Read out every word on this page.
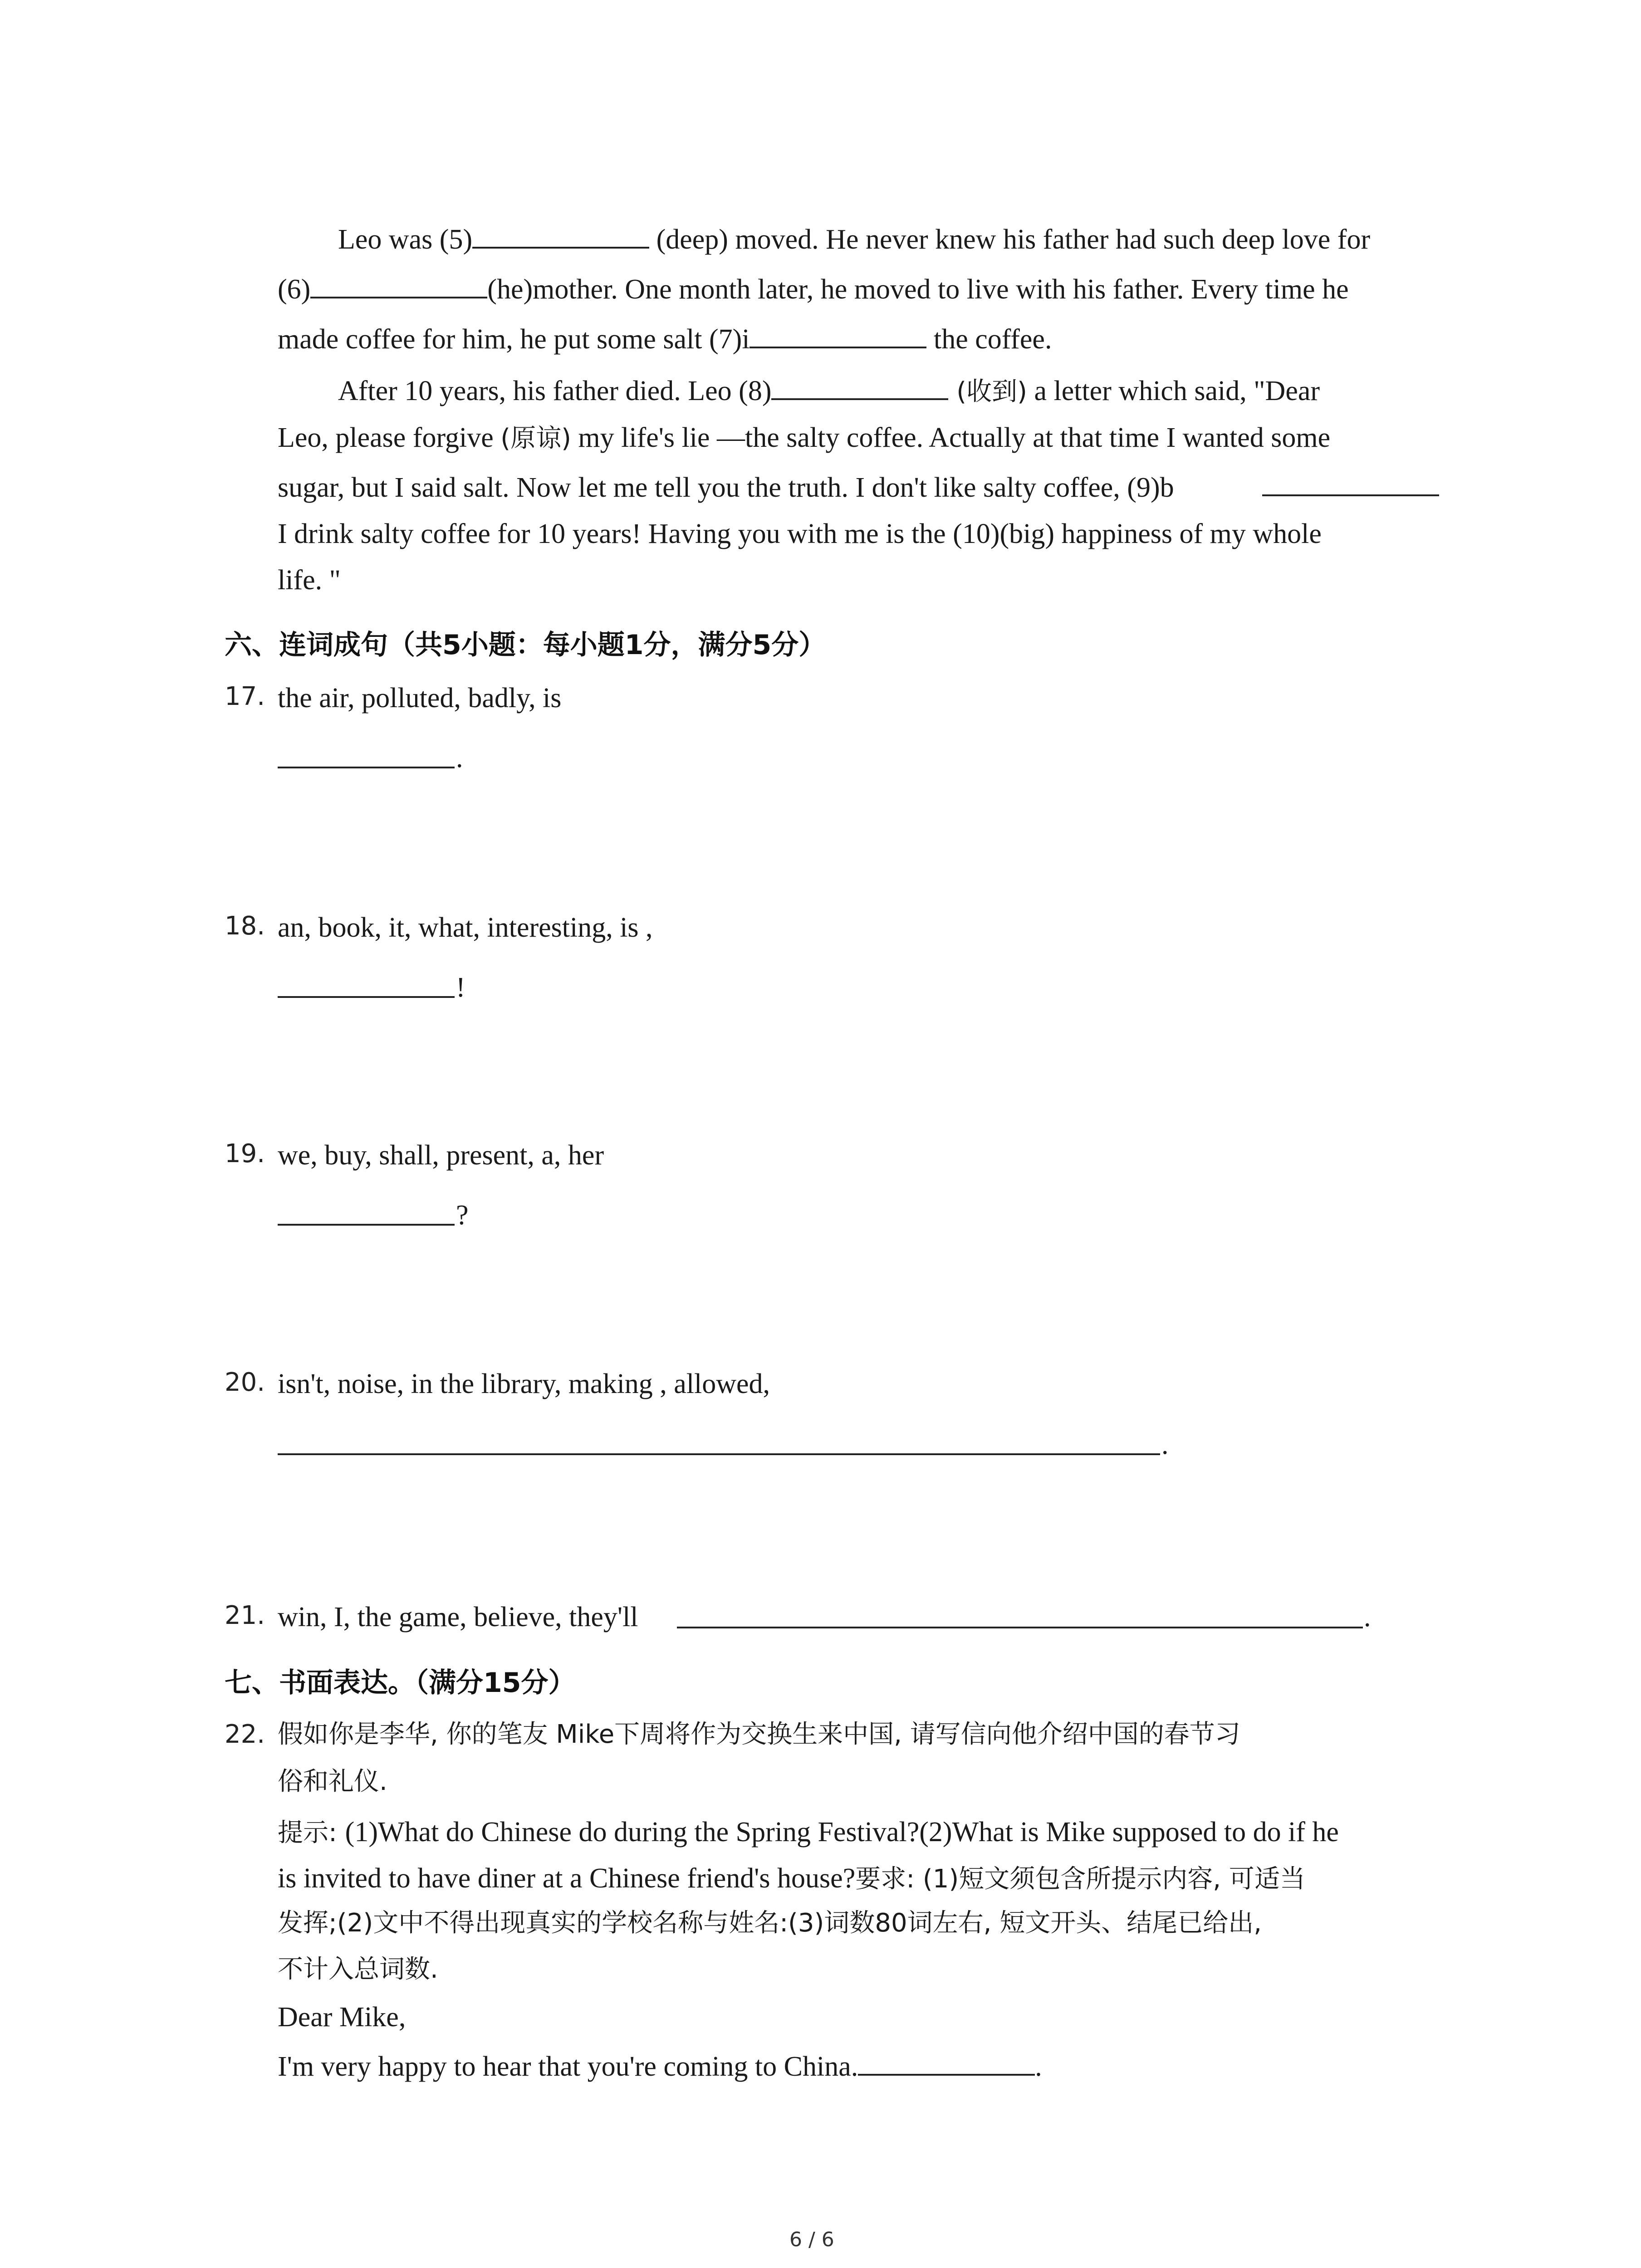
Leo was (5)	(deep) moved. He never knew his father had such deep love for
(6)	(he)mother. One month later, he moved to live with his father. Every time he
made coffee for him, he put some salt (7)i	the coffee.
After 10 years, his father died. Leo (8)	(收到) a letter which said, "Dear
Leo, please forgive (原谅) my life's lie —the salty coffee. Actually at that time I wanted some
sugar, but I said salt. Now let me tell you the truth. I don't like salty coffee, (9)b
I drink salty coffee for 10 years! Having you with me is the (10)(big) happiness of my whole
life. "
六、连词成句（共5小题：每小题1分，满分5分）
17. the air, polluted, badly, is
.
18. an, book, it, what, interesting, is ,
!
19. we, buy, shall, present, a, her
?
20. isn't, noise, in the library, making , allowed,
.
21. win, I, the game, believe, they'll	.
七、书面表达。（满分15分）
22. 假如你是李华, 你的笔友 Mike下周将作为交换生来中国, 请写信向他介绍中国的春节习
俗和礼仪.
提示: (1)What do Chinese do during the Spring Festival?(2)What is Mike supposed to do if he
is invited to have diner at a Chinese friend's house?要求: (1)短文须包含所提示内容, 可适当
发挥;(2)文中不得出现真实的学校名称与姓名:(3)词数80词左右, 短文开头、结尾已给出,
不计入总词数.
Dear Mike,
I'm very happy to hear that you're coming to China.	.
6 / 6
